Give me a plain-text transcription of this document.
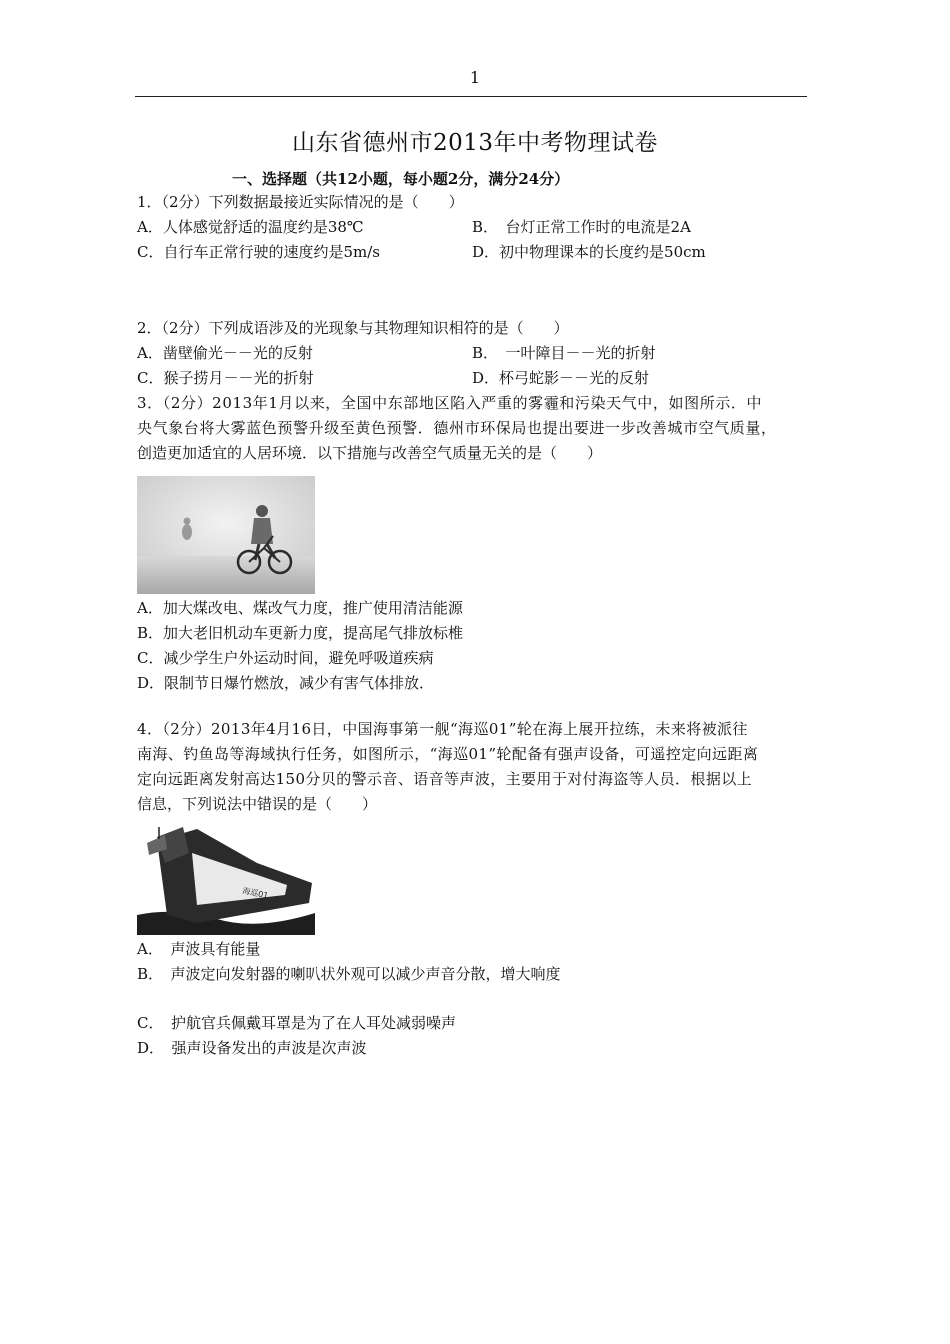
1
山东省德州市2013年中考物理试卷
一、选择题（共12小题，每小题2分，满分24分）

1．（2分）下列数据最接近实际情况的是（　　）

A．人体感觉舒适的温度约是38℃	B．　台灯正常工作时的电流是2A
C．自行车正常行驶的速度约是5m/s	D．初中物理课本的长度约是50cm

2．（2分）下列成语涉及的光现象与其物理知识相符的是（　　）

A．凿壁偷光－－光的反射	B．　一叶障目－－光的折射
C．猴子捞月－－光的折射	D．杯弓蛇影－－光的反射

3．（2分）2013年1月以来，全国中东部地区陷入严重的雾霾和污染天气中，如图所示．中

央气象台将大雾蓝色预警升级至黄色预警．德州市环保局也提出要进一步改善城市空气质量，

创造更加适宜的人居环境．以下措施与改善空气质量无关的是（　　）

A．加大煤改电、煤改气力度，推广使用清洁能源

B．加大老旧机动车更新力度，提高尾气排放标椎

C．减少学生户外运动时间，避免呼吸道疾病

D．限制节日爆竹燃放，减少有害气体排放．

4．（2分）2013年4月16日，中国海事第一舰“海巡01”轮在海上展开拉练，未来将被派往

南海、钓鱼岛等海域执行任务，如图所示，“海巡01”轮配备有强声设备，可遥控定向远距离

定向远距离发射高达150分贝的警示音、语音等声波，主要用于对付海盗等人员．根据以上

信息，下列说法中错误的是（　　）

海巡01

A．　声波具有能量

B．　声波定向发射器的喇叭状外观可以减少声音分散，增大响度

C．　护航官兵佩戴耳罩是为了在人耳处减弱噪声

D．　强声设备发出的声波是次声波
